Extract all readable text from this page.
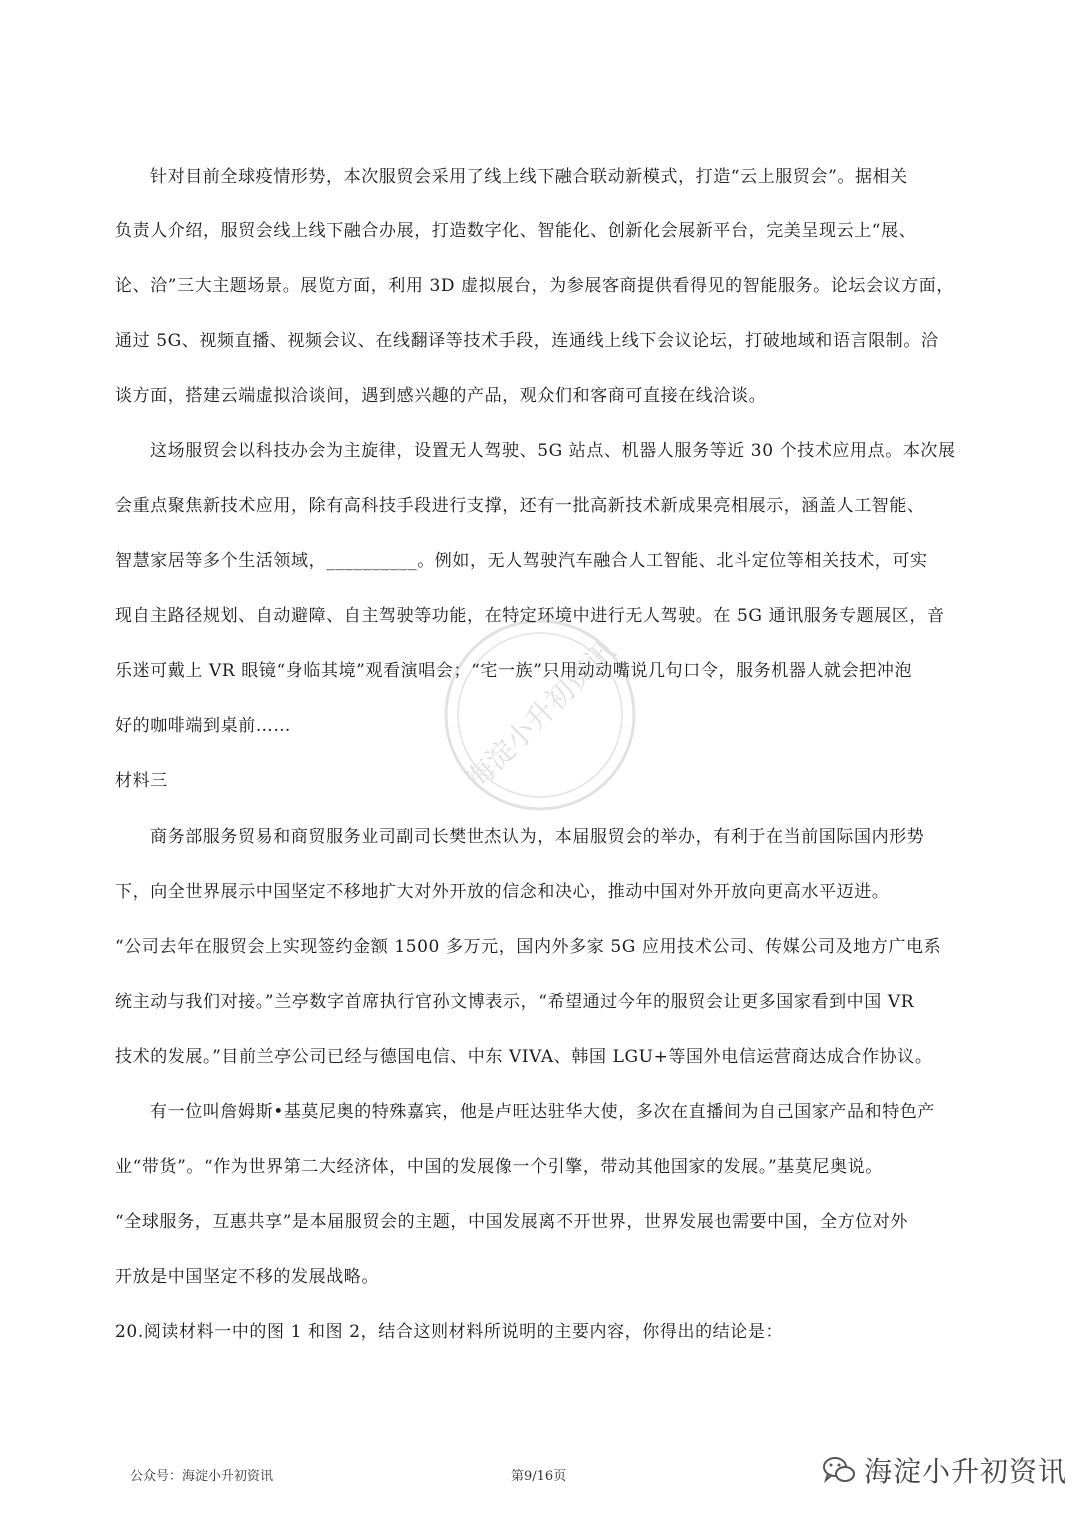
针对目前全球疫情形势，本次服贸会采用了线上线下融合联动新模式，打造“云上服贸会”。据相关
负责人介绍，服贸会线上线下融合办展，打造数字化、智能化、创新化会展新平台，完美呈现云上“展、
论、洽”三大主题场景。展览方面，利用 3D 虚拟展台，为参展客商提供看得见的智能服务。论坛会议方面，
通过 5G、视频直播、视频会议、在线翻译等技术手段，连通线上线下会议论坛，打破地域和语言限制。洽
谈方面，搭建云端虚拟洽谈间，遇到感兴趣的产品，观众们和客商可直接在线洽谈。
这场服贸会以科技办会为主旋律，设置无人驾驶、5G 站点、机器人服务等近 30 个技术应用点。本次展
会重点聚焦新技术应用，除有高科技手段进行支撑，还有一批高新技术新成果亮相展示，涵盖人工智能、
智慧家居等多个生活领域，__________。例如，无人驾驶汽车融合人工智能、北斗定位等相关技术，可实
现自主路径规划、自动避障、自主驾驶等功能，在特定环境中进行无人驾驶。在 5G 通讯服务专题展区，音
乐迷可戴上 VR 眼镜“身临其境”观看演唱会；“宅一族”只用动动嘴说几句口令，服务机器人就会把冲泡
好的咖啡端到桌前……
材料三
商务部服务贸易和商贸服务业司副司长樊世杰认为，本届服贸会的举办，有利于在当前国际国内形势
下，向全世界展示中国坚定不移地扩大对外开放的信念和决心，推动中国对外开放向更高水平迈进。
“公司去年在服贸会上实现签约金额 1500 多万元，国内外多家 5G 应用技术公司、传媒公司及地方广电系
统主动与我们对接。”兰亭数字首席执行官孙文博表示，“希望通过今年的服贸会让更多国家看到中国 VR
技术的发展。”目前兰亭公司已经与德国电信、中东 VIVA、韩国 LGU+等国外电信运营商达成合作协议。
有一位叫詹姆斯•基莫尼奥的特殊嘉宾，他是卢旺达驻华大使，多次在直播间为自己国家产品和特色产
业“带货”。“作为世界第二大经济体，中国的发展像一个引擎，带动其他国家的发展。”基莫尼奥说。
“全球服务，互惠共享”是本届服贸会的主题，中国发展离不开世界，世界发展也需要中国，全方位对外
开放是中国坚定不移的发展战略。
20.阅读材料一中的图 1 和图 2，结合这则材料所说明的主要内容，你得出的结论是：
海淀小升初资讯
公众号：海淀小升初资讯	第9/16页	海淀小升初资讯
